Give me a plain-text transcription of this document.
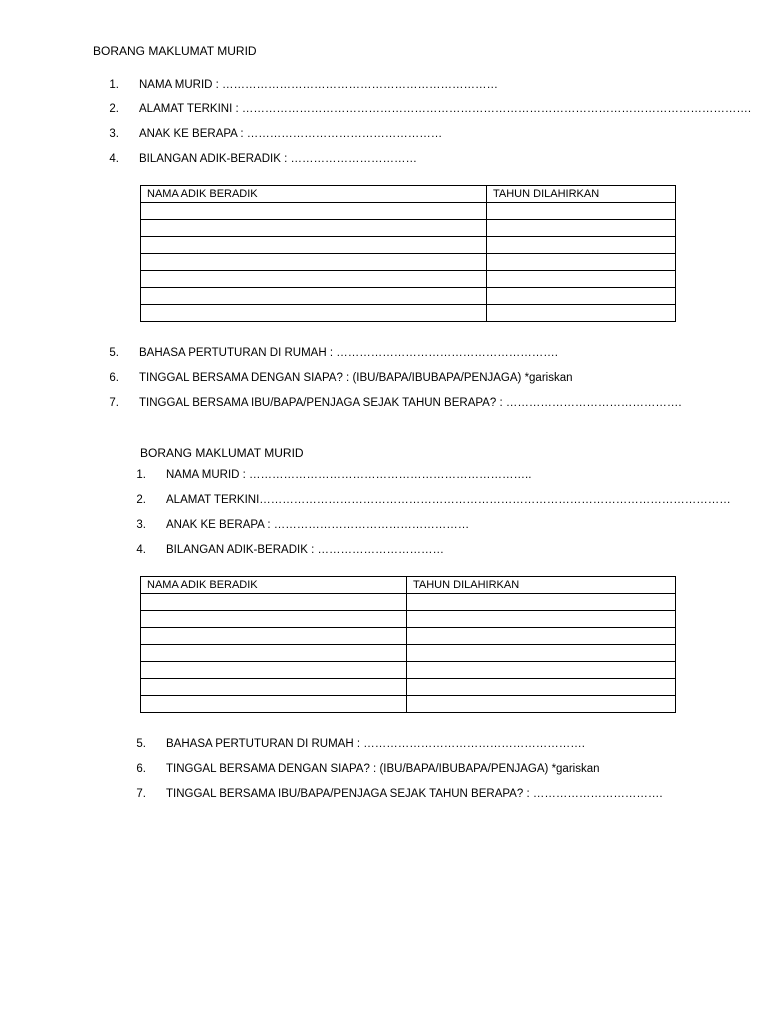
BORANG MAKLUMAT MURID
1. NAMA MURID : ………………………………………………………………
2. ALAMAT TERKINI : …………………………………………………………………………………………………………………….
3. ANAK KE BERAPA : ……………………………………………
4. BILANGAN ADIK-BERADIK : ……………………………
NAMA ADIK BERADIK	TAHUN DILAHIRKAN

5. BAHASA PERTUTURAN DI RUMAH : ………………………………………………….
6. TINGGAL BERSAMA DENGAN SIAPA? : (IBU/BAPA/IBUBAPA/PENJAGA) *gariskan
7. TINGGAL BERSAMA IBU/BAPA/PENJAGA SEJAK TAHUN BERAPA? : ……………………………………….
BORANG MAKLUMAT MURID
1. NAMA MURID : ………………………………………………………………..
2. ALAMAT TERKINI……………………………………………………………………………………………………………
3. ANAK KE BERAPA : ……………………………………………
4. BILANGAN ADIK-BERADIK : ……………………………
NAMA ADIK BERADIK	TAHUN DILAHIRKAN

5. BAHASA PERTUTURAN DI RUMAH : ………………………………………………….
6. TINGGAL BERSAMA DENGAN SIAPA? : (IBU/BAPA/IBUBAPA/PENJAGA) *gariskan
7. TINGGAL BERSAMA IBU/BAPA/PENJAGA SEJAK TAHUN BERAPA? : …………………………….
